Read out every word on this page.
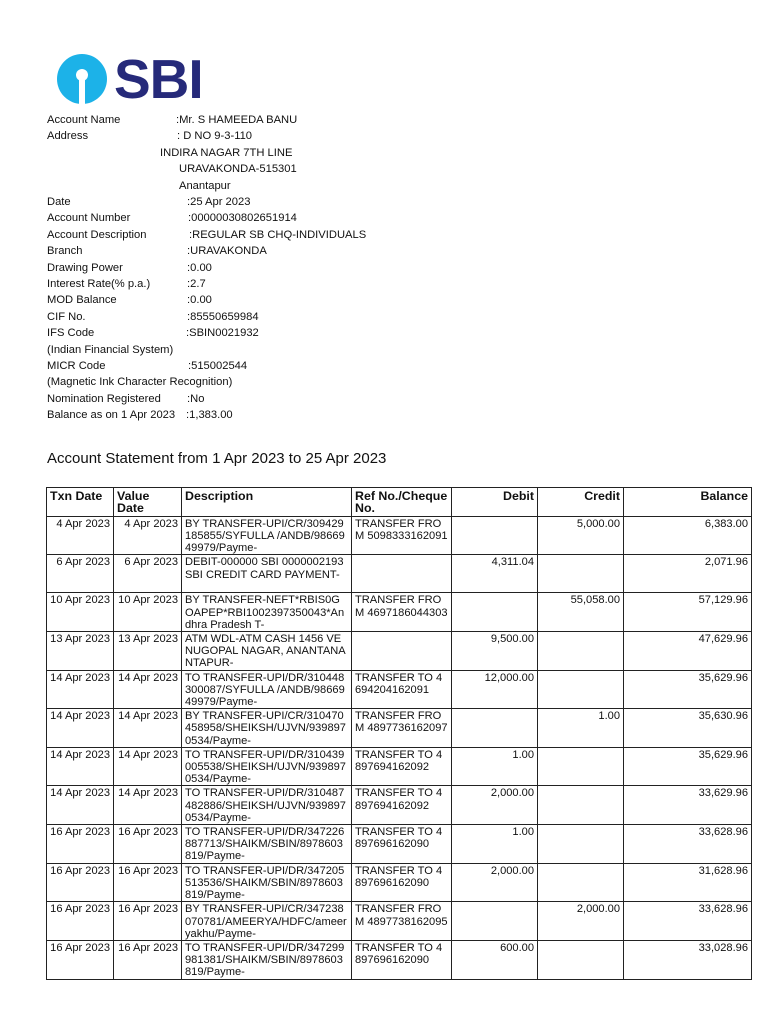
SBI
Account Name	:Mr. S HAMEEDA BANU
Address	: D NO 9-3-110
INDIRA NAGAR 7TH LINE
URAVAKONDA-515301
Anantapur
Date	:25 Apr 2023
Account Number	:00000030802651914
Account Description	:REGULAR SB CHQ-INDIVIDUALS
Branch	:URAVAKONDA
Drawing Power	:0.00
Interest Rate(% p.a.)	:2.7
MOD Balance	:0.00
CIF No.	:85550659984
IFS Code	:SBIN0021932
(Indian Financial System)
MICR Code	:515002544
(Magnetic Ink Character Recognition)
Nomination Registered :No
Balance as on 1 Apr 2023 :1,383.00
Account Statement from 1 Apr 2023 to 25 Apr 2023
Txn Date	Value Date	Description	Ref No./Cheque No.	Debit	Credit	Balance
4 Apr 2023	4 Apr 2023	BY TRANSFER-UPI/CR/309429185855/SYFULLA /ANDB/9866949979/Payme-	TRANSFER FROM 5098333162091		5,000.00	6,383.00
6 Apr 2023	6 Apr 2023	DEBIT-000000 SBI 0000002193 SBI CREDIT CARD PAYMENT-		4,311.04		2,071.96
10 Apr 2023	10 Apr 2023	BY TRANSFER-NEFT*RBIS0GOAPEP*RBI1002397350043*Andhra Pradesh T-	TRANSFER FROM 4697186044303		55,058.00	57,129.96
13 Apr 2023	13 Apr 2023	ATM WDL-ATM CASH 1456 VENUGOPAL NAGAR, ANANTANANTAPUR-		9,500.00		47,629.96
14 Apr 2023	14 Apr 2023	TO TRANSFER-UPI/DR/310448300087/SYFULLA /ANDB/9866949979/Payme-	TRANSFER TO 4694204162091	12,000.00		35,629.96
14 Apr 2023	14 Apr 2023	BY TRANSFER-UPI/CR/310470458958/SHEIKSH/UJVN/9398970534/Payme-	TRANSFER FROM 4897736162097		1.00	35,630.96
14 Apr 2023	14 Apr 2023	TO TRANSFER-UPI/DR/310439005538/SHEIKSH/UJVN/9398970534/Payme-	TRANSFER TO 4897694162092	1.00		35,629.96
14 Apr 2023	14 Apr 2023	TO TRANSFER-UPI/DR/310487482886/SHEIKSH/UJVN/9398970534/Payme-	TRANSFER TO 4897694162092	2,000.00		33,629.96
16 Apr 2023	16 Apr 2023	TO TRANSFER-UPI/DR/347226887713/SHAIKM/SBIN/8978603819/Payme-	TRANSFER TO 4897696162090	1.00		33,628.96
16 Apr 2023	16 Apr 2023	TO TRANSFER-UPI/DR/347205513536/SHAIKM/SBIN/8978603819/Payme-	TRANSFER TO 4897696162090	2,000.00		31,628.96
16 Apr 2023	16 Apr 2023	BY TRANSFER-UPI/CR/347238070781/AMEERYA/HDFC/ameeryakhu/Payme-	TRANSFER FROM 4897738162095		2,000.00	33,628.96
16 Apr 2023	16 Apr 2023	TO TRANSFER-UPI/DR/347299981381/SHAIKM/SBIN/8978603819/Payme-	TRANSFER TO 4897696162090	600.00		33,028.96
